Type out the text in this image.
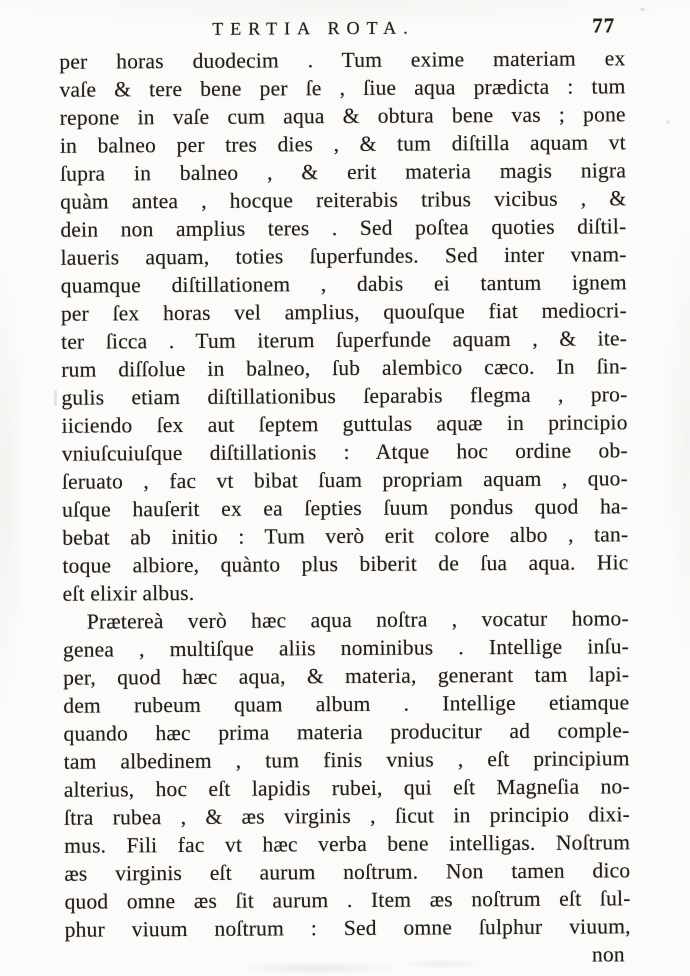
TERTIA ROTA.	77
per horas duodecim . Tum exime materiam ex
vaſe & tere bene per ſe , ſiue aqua prædicta : tum
repone in vaſe cum aqua & obtura bene vas ; pone
in balneo per tres dies , & tum diſtilla aquam vt
ſupra in balneo , & erit materia magis nigra
quàm antea , hocque reiterabis tribus vicibus , &
dein non amplius teres . Sed poſtea quoties diſtil-
laueris aquam, toties ſuperfundes. Sed inter vnam-
quamque diſtillationem , dabis ei tantum ignem
per ſex horas vel amplius, quouſque fiat mediocri-
ter ſicca . Tum iterum ſuperfunde aquam , & ite-
rum diſſolue in balneo, ſub alembico cæco. In ſin-
gulis etiam diſtillationibus ſeparabis flegma , pro-
iiciendo ſex aut ſeptem guttulas aquæ in principio
vniuſcuiuſque diſtillationis : Atque hoc ordine ob-
ſeruato , fac vt bibat ſuam propriam aquam , quo-
uſque hauſerit ex ea ſepties ſuum pondus quod ha-
bebat ab initio : Tum verò erit colore albo , tan-
toque albiore, quànto plus biberit de ſua aqua. Hic
eſt elixir albus.
Prætereà verò hæc aqua noſtra , vocatur homo-
genea , multiſque aliis nominibus . Intellige inſu-
per, quod hæc aqua, & materia, generant tam lapi-
dem rubeum quam album . Intellige etiamque
quando hæc prima materia producitur ad comple-
tam albedinem , tum finis vnius , eſt principium
alterius, hoc eſt lapidis rubei, qui eſt Magneſia no-
ſtra rubea , & æs virginis , ſicut in principio dixi-
mus. Fili fac vt hæc verba bene intelligas. Noſtrum
æs virginis eſt aurum noſtrum. Non tamen dico
quod omne æs ſit aurum . Item æs noſtrum eſt ſul-
phur viuum noſtrum : Sed omne ſulphur viuum,
non
